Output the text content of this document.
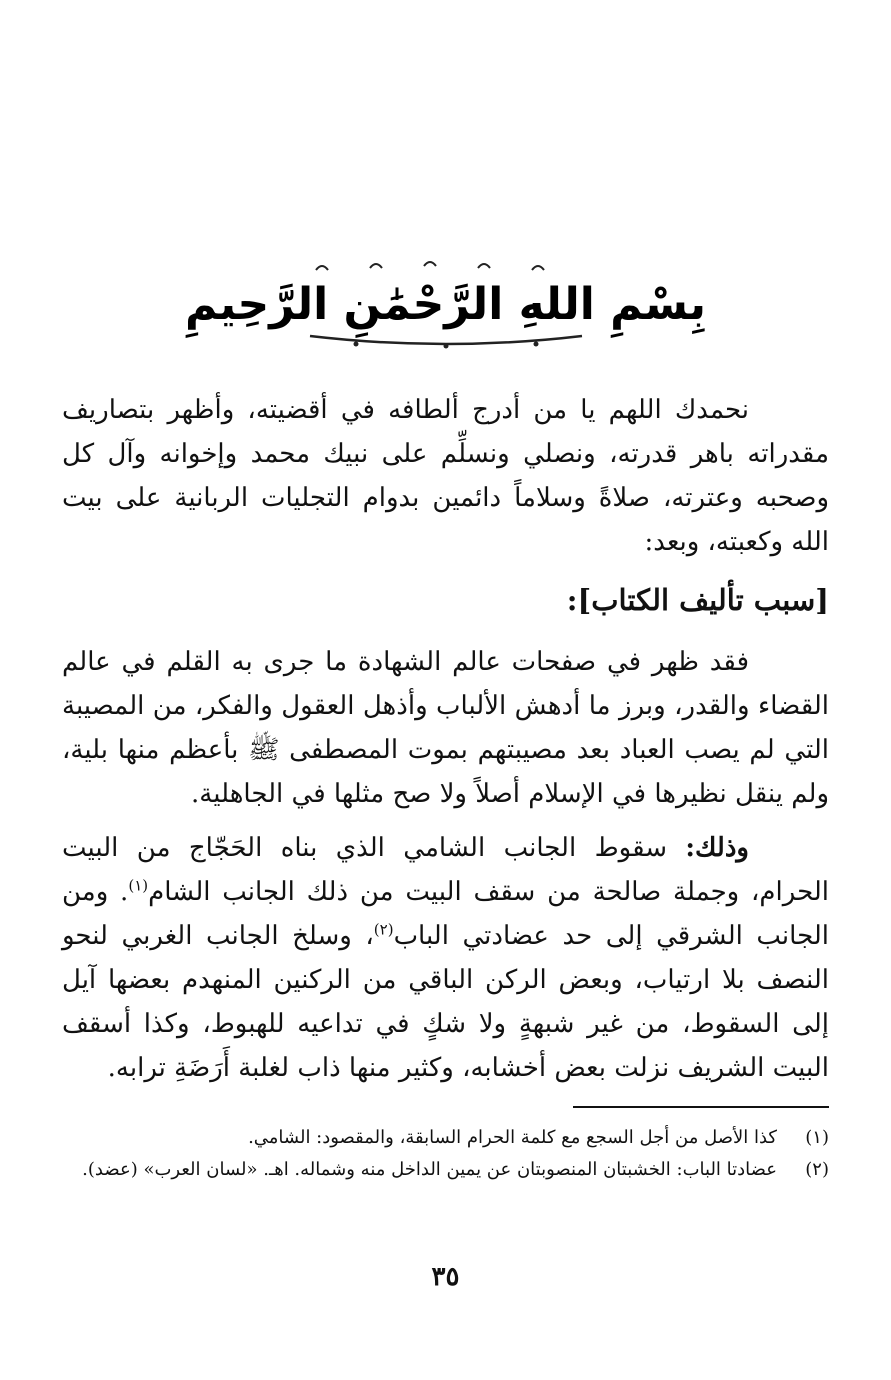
بِسْمِ اللهِ الرَّحْمَٰنِ الرَّحِيمِ

نحمدك اللهم يا من أدرج ألطافه في أقضيته، وأظهر بتصاريف مقدراته باهر قدرته، ونصلي ونسلِّم على نبيك محمد وإخوانه وآل كل وصحبه وعترته، صلاةً وسلاماً دائمين بدوام التجليات الربانية على بيت الله وكعبته، وبعد:

[سبب تأليف الكتاب]:

فقد ظهر في صفحات عالم الشهادة ما جرى به القلم في عالم القضاء والقدر، وبرز ما أدهش الألباب وأذهل العقول والفكر، من المصيبة التي لم يصب العباد بعد مصيبتهم بموت المصطفى ﷺ بأعظم منها بلية، ولم ينقل نظيرها في الإسلام أصلاً ولا صح مثلها في الجاهلية.

وذلك: سقوط الجانب الشامي الذي بناه الحَجّاج من البيت الحرام، وجملة صالحة من سقف البيت من ذلك الجانب الشام$^{(١)}$. ومن الجانب الشرقي إلى حد عضادتي الباب$^{(٢)}$، وسلخ الجانب الغربي لنحو النصف بلا ارتياب، وبعض الركن الباقي من الركنين المنهدم بعضها آيل إلى السقوط، من غير شبهةٍ ولا شكٍ في تداعيه للهبوط، وكذا أسقف البيت الشريف نزلت بعض أخشابه، وكثير منها ذاب لغلبة أَرَضَةِ ترابه.

(١)
كذا الأصل من أجل السجع مع كلمة الحرام السابقة، والمقصود: الشامي.
(٢)
عضادتا الباب: الخشبتان المنصوبتان عن يمين الداخل منه وشماله. اهـ. «لسان العرب» (عضد).
٣٥
